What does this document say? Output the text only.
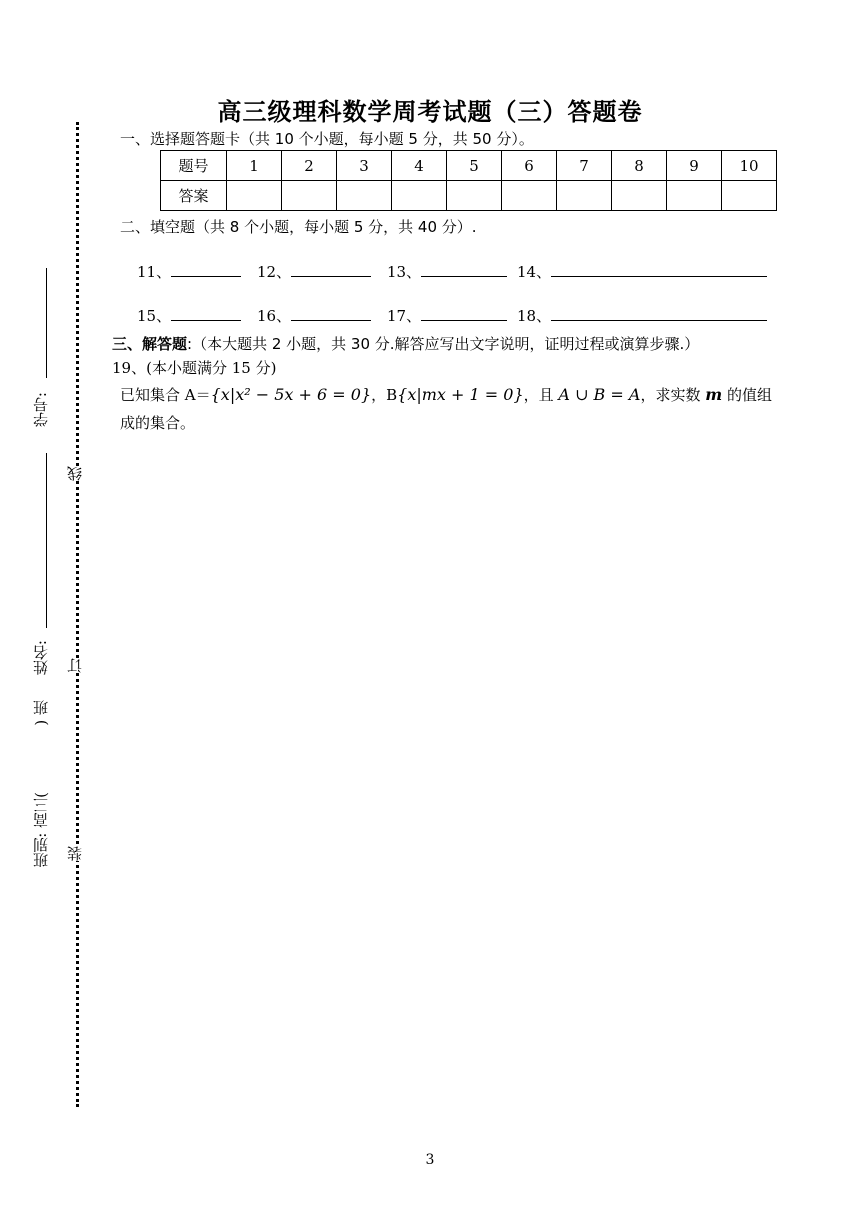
高三级理科数学周考试题（三）答题卷
一、选择题答题卡（共 10 个小题，每小题 5 分，共 50 分）。
题号	1	2	3	4	5	6	7	8	9	10
答案										
二、填空题（共 8 个小题，每小题 5 分，共 40 分）.
11、	12、	13、	14、
15、	16、	17、	18、
三、解答题:（本大题共 2 小题，共 30 分.解答应写出文字说明，证明过程或演算步骤.）
19、(本小题满分 15 分)
已知集合 A＝{x|x² − 5x + 6 = 0}，B{x|mx + 1 = 0}，且 A ∪ B = A，求实数 m 的值组
成的集合。
学号:
姓名:
) 班
班别: 高三(
线
订
装
3
